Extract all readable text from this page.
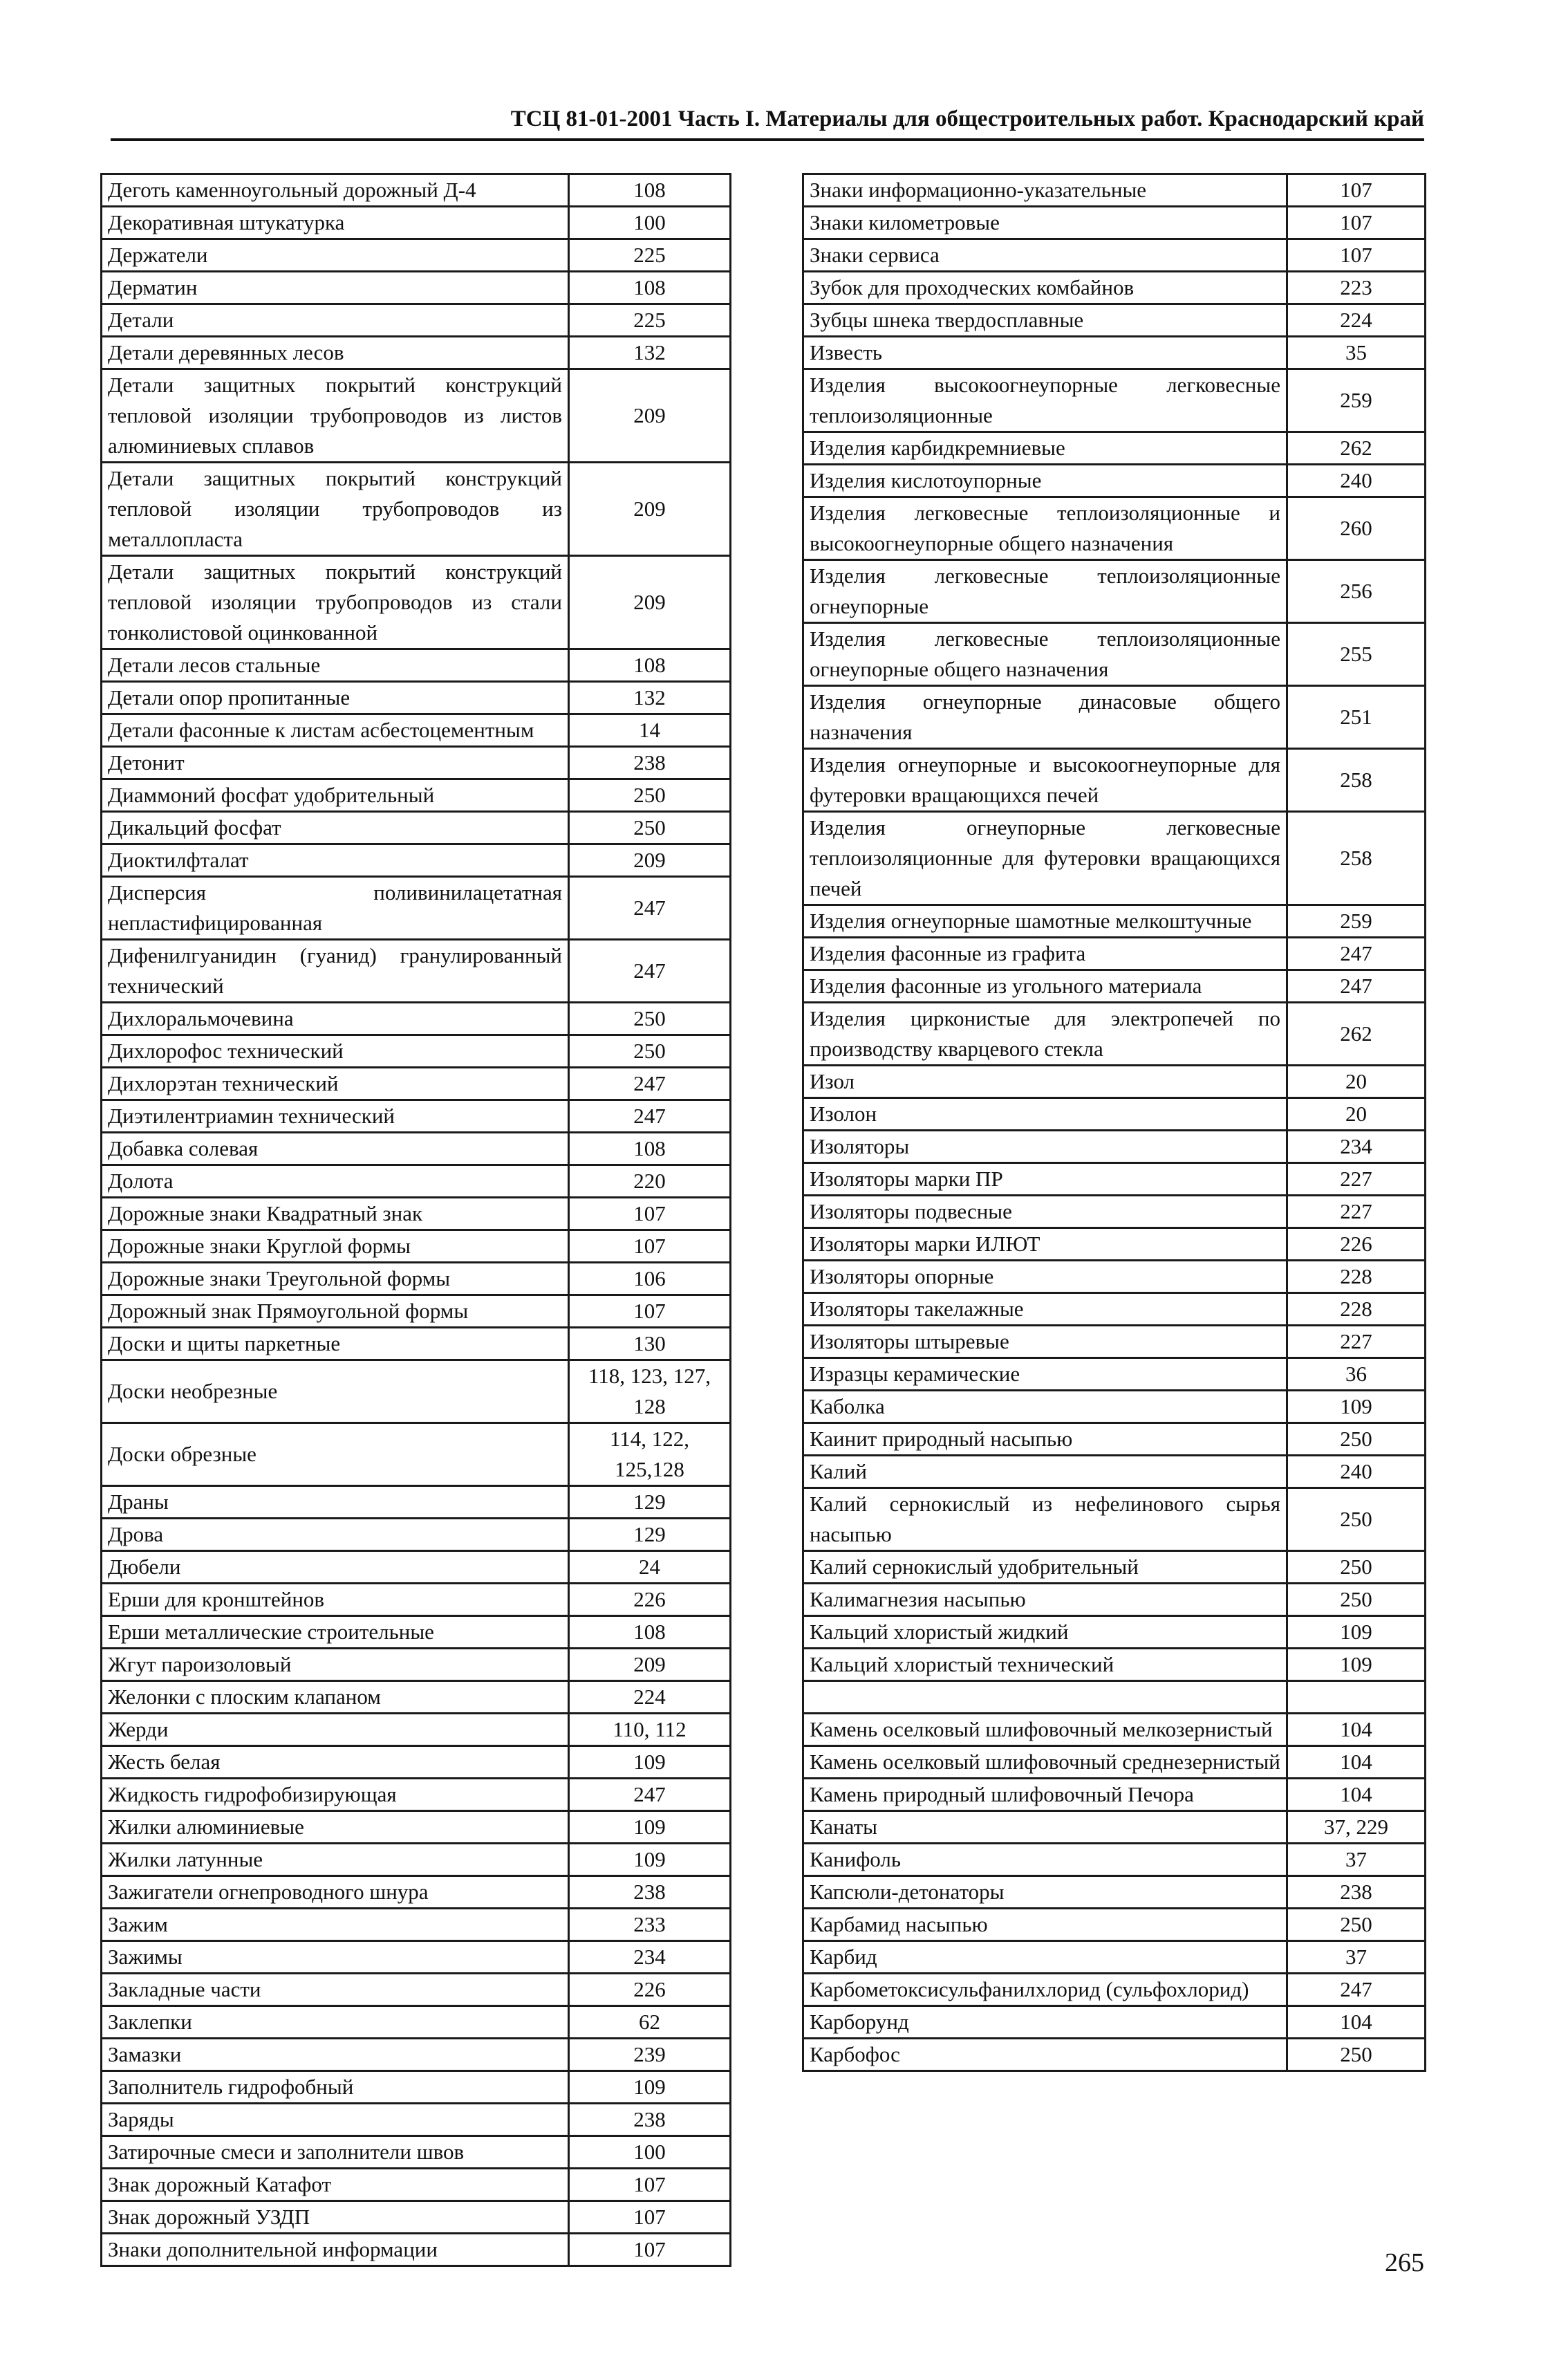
ТСЦ 81-01-2001 Часть I. Материалы для общестроительных работ. Краснодарский край
Деготь каменноугольный дорожный Д-4	108
Декоративная штукатурка	100
Держатели	225
Дерматин	108
Детали	225
Детали деревянных лесов	132
Детали защитных покрытий конструкций тепловой изоляции трубопроводов из листов алюминиевых сплавов	209
Детали защитных покрытий конструкций тепловой изоляции трубопроводов из металлопласта	209
Детали защитных покрытий конструкций тепловой изоляции трубопроводов из стали тонколистовой оцинкованной	209
Детали лесов стальные	108
Детали опор пропитанные	132
Детали фасонные к листам асбестоцементным	14
Детонит	238
Диаммоний фосфат удобрительный	250
Дикальций фосфат	250
Диоктилфталат	209
Дисперсия поливинилацетатная непластифицированная	247
Дифенилгуанидин (гуанид) гранулированный технический	247
Дихлоральмочевина	250
Дихлорофос технический	250
Дихлорэтан технический	247
Диэтилентриамин технический	247
Добавка солевая	108
Долота	220
Дорожные знаки Квадратный знак	107
Дорожные знаки Круглой формы	107
Дорожные знаки Треугольной формы	106
Дорожный знак Прямоугольной формы	107
Доски и щиты паркетные	130
Доски необрезные	118, 123, 127, 128
Доски обрезные	114, 122, 125,128
Драны	129
Дрова	129
Дюбели	24
Ерши для кронштейнов	226
Ерши металлические строительные	108
Жгут пароизоловый	209
Желонки с плоским клапаном	224
Жерди	110, 112
Жесть белая	109
Жидкость гидрофобизирующая	247
Жилки алюминиевые	109
Жилки латунные	109
Зажигатели огнепроводного шнура	238
Зажим	233
Зажимы	234
Закладные части	226
Заклепки	62
Замазки	239
Заполнитель гидрофобный	109
Заряды	238
Затирочные смеси и заполнители швов	100
Знак дорожный Катафот	107
Знак дорожный УЗДП	107
Знаки дополнительной информации	107
Знаки информационно-указательные	107
Знаки километровые	107
Знаки сервиса	107
Зубок для проходческих комбайнов	223
Зубцы шнека твердосплавные	224
Известь	35
Изделия высокоогнеупорные легковесные теплоизоляционные	259
Изделия карбидкремниевые	262
Изделия кислотоупорные	240
Изделия легковесные теплоизоляционные и высокоогнеупорные общего назначения	260
Изделия легковесные теплоизоляционные огнеупорные	256
Изделия легковесные теплоизоляционные огнеупорные общего назначения	255
Изделия огнеупорные динасовые общего назначения	251
Изделия огнеупорные и высокоогнеупорные для футеровки вращающихся печей	258
Изделия огнеупорные легковесные теплоизоляционные для футеровки вращающихся печей	258
Изделия огнеупорные шамотные мелкоштучные	259
Изделия фасонные из графита	247
Изделия фасонные из угольного материала	247
Изделия цирконистые для электропечей по производству кварцевого стекла	262
Изол	20
Изолон	20
Изоляторы	234
Изоляторы марки ПР	227
Изоляторы подвесные	227
Изоляторы марки ИЛЮТ	226
Изоляторы опорные	228
Изоляторы такелажные	228
Изоляторы штыревые	227
Изразцы керамические	36
Каболка	109
Каинит природный насыпью	250
Калий	240
Калий сернокислый из нефелинового сырья насыпью	250
Калий сернокислый удобрительный	250
Калимагнезия насыпью	250
Кальций хлористый жидкий	109
Кальций хлористый технический	109

Камень оселковый шлифовочный мелкозернистый	104
Камень оселковый шлифовочный среднезернистый	104
Камень природный шлифовочный Печора	104
Канаты	37, 229
Канифоль	37
Капсюли-детонаторы	238
Карбамид насыпью	250
Карбид	37
Карбометоксисульфанилхлорид (сульфохлорид)	247
Карборунд	104
Карбофос	250
265
